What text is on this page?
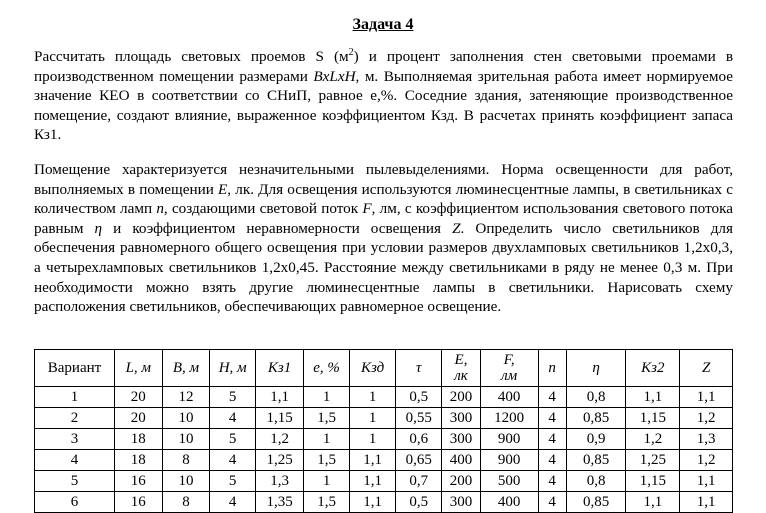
Задача 4

Рассчитать площадь световых проемов S $(м^2)$ и процент заполнения стен световыми проемами в производственном помещении размерами BxLxH, м. Выполняемая зрительная работа имеет нормируемое значение КЕО в соответствии со СНиП, равное e,%. Соседние здания, затеняющие производственное помещение, создают влияние, выраженное коэффициентом Кзд. В расчетах принять коэффициент запаса Кз1.

Помещение характеризуется незначительными пылевыделениями. Норма освещенности для работ, выполняемых в помещении E, лк. Для освещения используются люминесцентные лампы, в светильниках с количеством ламп n, создающими световой поток F, лм, с коэффициентом использования светового потока равным η и коэффициентом неравномерности освещения Z. Определить число светильников для обеспечения равномерного общего освещения при условии размеров двухламповых светильников 1,2x0,3, а четырехламповых светильников 1,2x0,45. Расстояние между светильниками в ряду не менее 0,3 м. При необходимости можно взять другие люминесцентные лампы в светильники. Нарисовать схему расположения светильников, обеспечивающих равномерное освещение.

Вариант	L, м	B, м	H, м	Кз1	e, %	Кзд	τ	E,
лк	F,
лм	n	η	Кз2	Z
1	20	12	5	1,1	1	1	0,5	200	400	4	0,8	1,1	1,1
2	20	10	4	1,15	1,5	1	0,55	300	1200	4	0,85	1,15	1,2
3	18	10	5	1,2	1	1	0,6	300	900	4	0,9	1,2	1,3
4	18	8	4	1,25	1,5	1,1	0,65	400	900	4	0,85	1,25	1,2
5	16	10	5	1,3	1	1,1	0,7	200	500	4	0,8	1,15	1,1
6	16	8	4	1,35	1,5	1,1	0,5	300	400	4	0,85	1,1	1,1
